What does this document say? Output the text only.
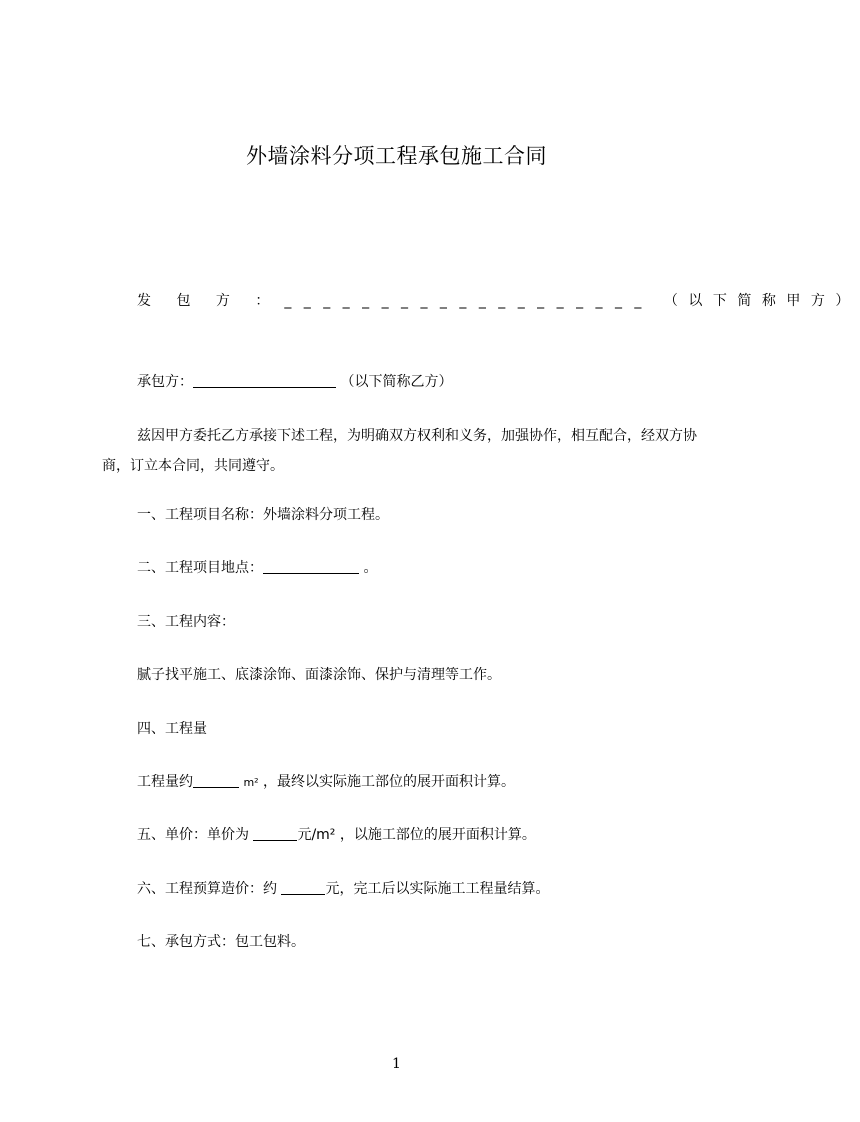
外墙涂料分项工程承包施工合同
发 包 方 ： _ _ _ _ _ _ _ _ _ _ _ _ _ _ _ _ _ _ _ （以下简称甲方）
承包方：	（以下简称乙方）
兹因甲方委托乙方承接下述工程，为明确双方权利和义务，加强协作，相互配合，经双方协商，订立本合同，共同遵守。
一、工程项目名称：外墙涂料分项工程。
二、工程项目地点：	。
三、工程内容：
腻子找平施工、底漆涂饰、面漆涂饰、保护与清理等工作。
四、工程量
工程量约	m² ，最终以实际施工部位的展开面积计算。
五、单价：单价为	元/m² ，以施工部位的展开面积计算。
六、工程预算造价：约	元，完工后以实际施工工程量结算。
七、承包方式：包工包料。
1
